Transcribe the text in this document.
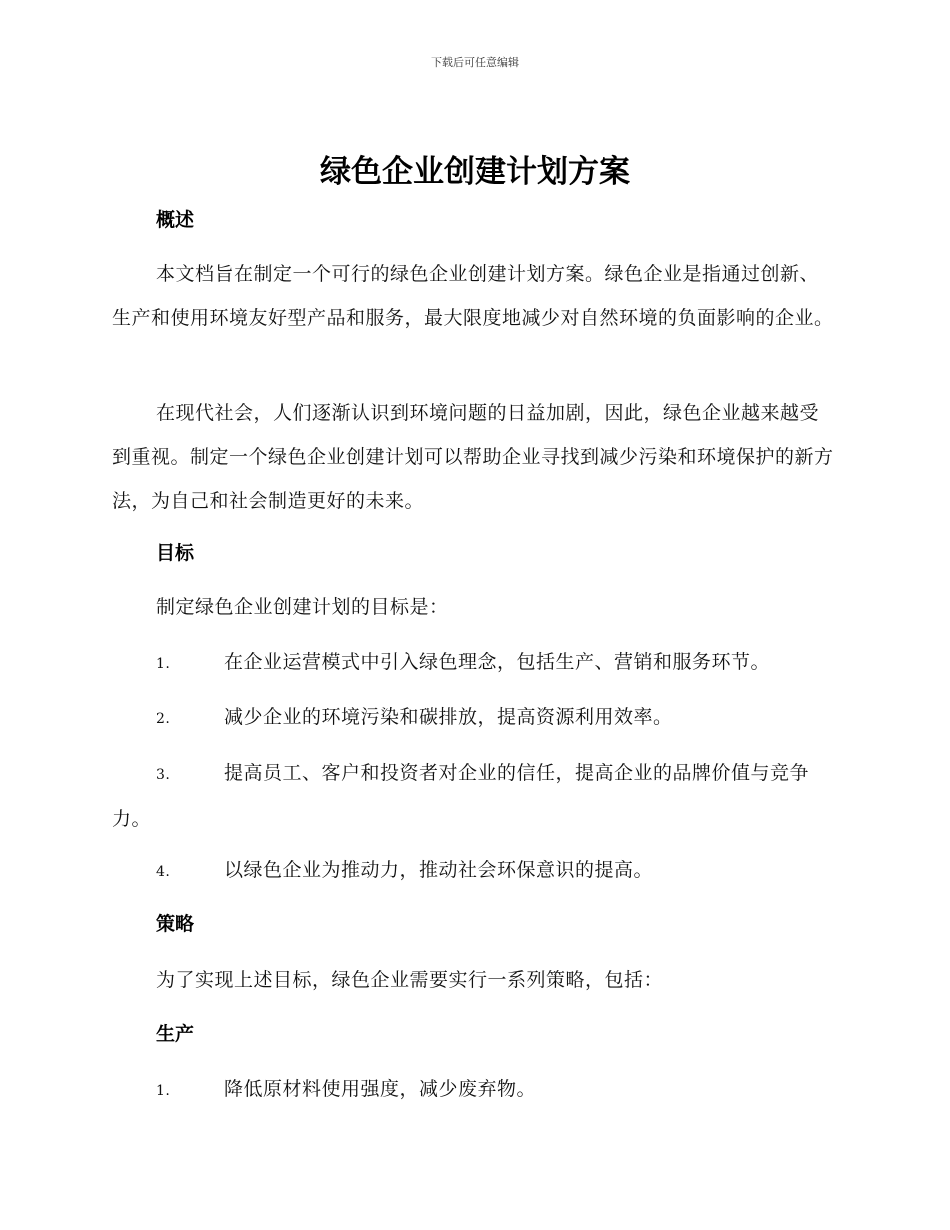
下载后可任意编辑
绿色企业创建计划方案
概述
本文档旨在制定一个可行的绿色企业创建计划方案。绿色企业是指通过创新、生产和使用环境友好型产品和服务，最大限度地减少对自然环境的负面影响的企业。
在现代社会，人们逐渐认识到环境问题的日益加剧，因此，绿色企业越来越受到重视。制定一个绿色企业创建计划可以帮助企业寻找到减少污染和环境保护的新方法，为自己和社会制造更好的未来。
目标
制定绿色企业创建计划的目标是：
1.	在企业运营模式中引入绿色理念，包括生产、营销和服务环节。
2.	减少企业的环境污染和碳排放，提高资源利用效率。
3.	提高员工、客户和投资者对企业的信任，提高企业的品牌价值与竞争力。
4.	以绿色企业为推动力，推动社会环保意识的提高。
策略
为了实现上述目标，绿色企业需要实行一系列策略，包括：
生产
1.	降低原材料使用强度，减少废弃物。
